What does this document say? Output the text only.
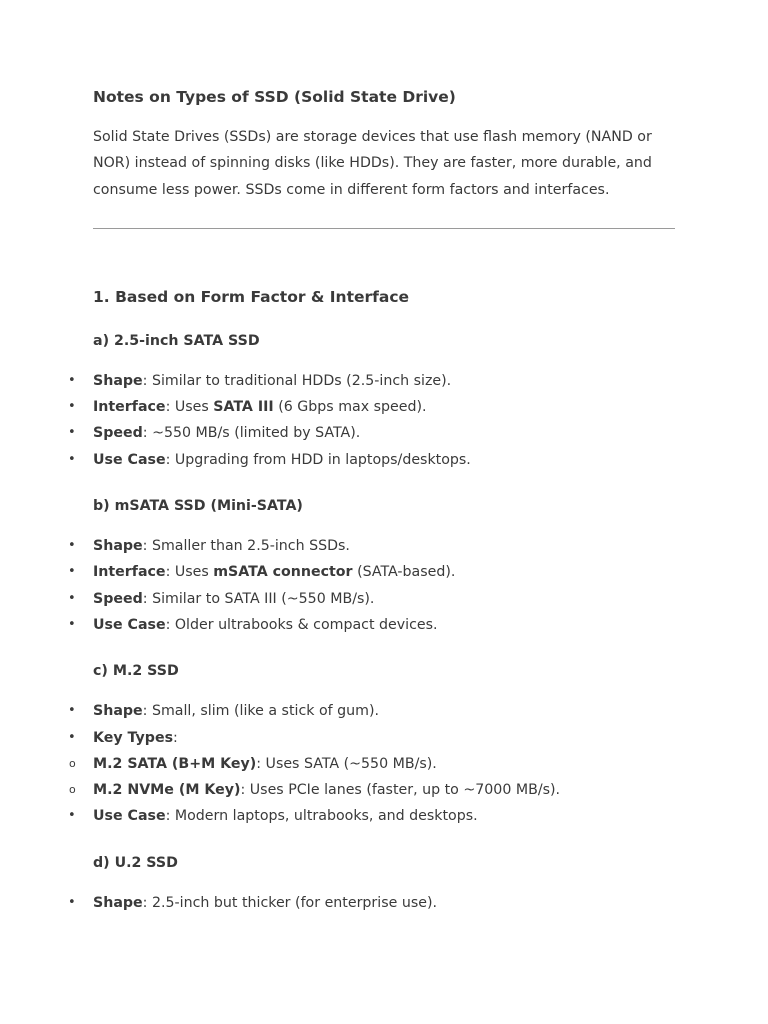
Notes on Types of SSD (Solid State Drive)

Solid State Drives (SSDs) are storage devices that use flash memory (NAND or NOR) instead of spinning disks (like HDDs). They are faster, more durable, and consume less power. SSDs come in different form factors and interfaces.

1. Based on Form Factor & Interface
a) 2.5-inch SATA SSD
• Shape: Similar to traditional HDDs (2.5-inch size).
• Interface: Uses SATA III (6 Gbps max speed).
• Speed: ~550 MB/s (limited by SATA).
• Use Case: Upgrading from HDD in laptops/desktops.
b) mSATA SSD (Mini-SATA)
• Shape: Smaller than 2.5-inch SSDs.
• Interface: Uses mSATA connector (SATA-based).
• Speed: Similar to SATA III (~550 MB/s).
• Use Case: Older ultrabooks & compact devices.
c) M.2 SSD
• Shape: Small, slim (like a stick of gum).
• Key Types:
o M.2 SATA (B+M Key): Uses SATA (~550 MB/s).
o M.2 NVMe (M Key): Uses PCIe lanes (faster, up to ~7000 MB/s).
• Use Case: Modern laptops, ultrabooks, and desktops.
d) U.2 SSD
• Shape: 2.5-inch but thicker (for enterprise use).
